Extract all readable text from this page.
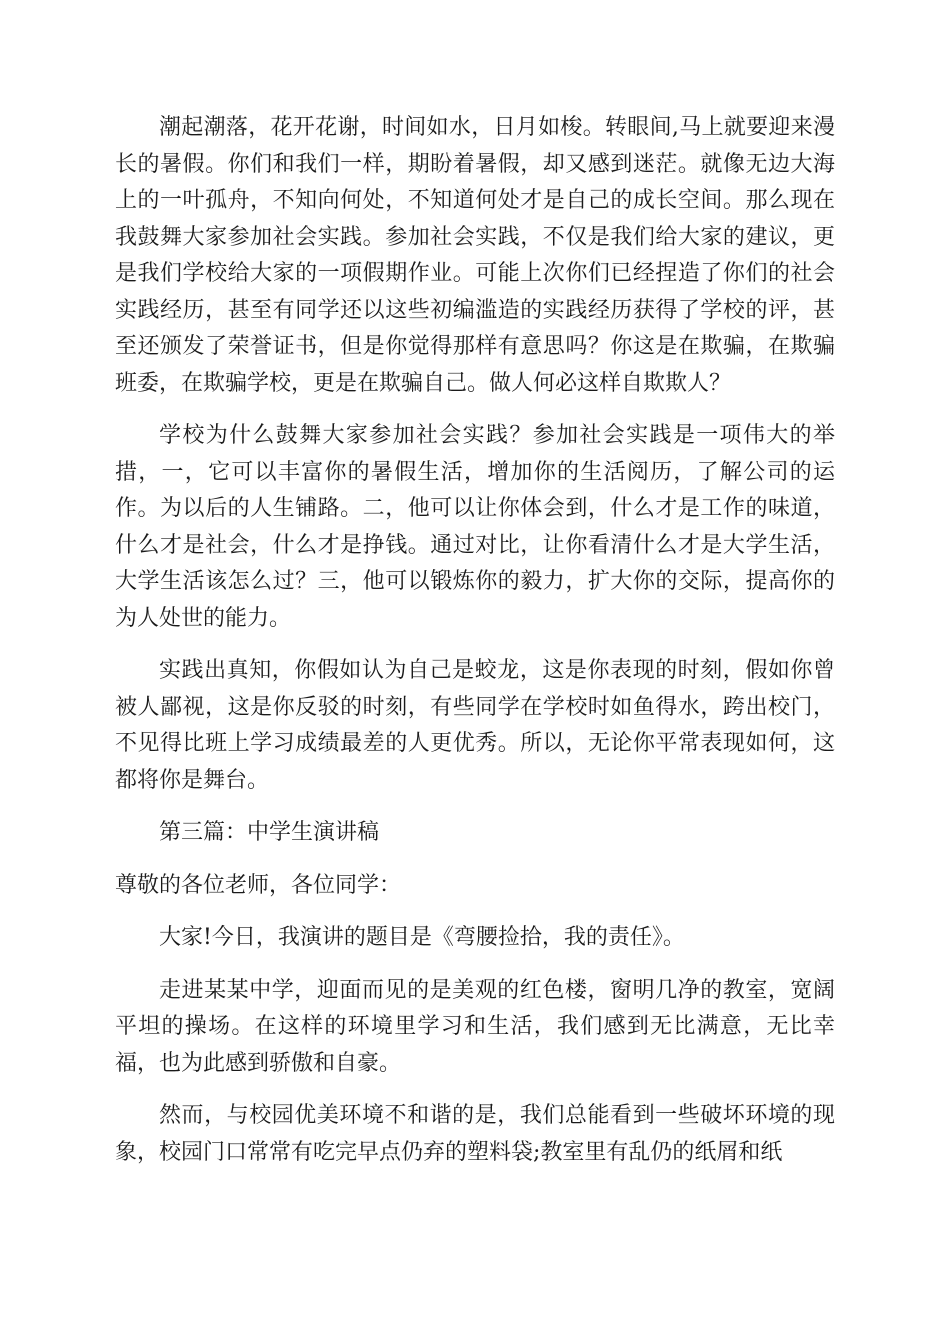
潮起潮落，花开花谢，时间如水，日月如梭。转眼间,马上就要迎来漫长的暑假。你们和我们一样，期盼着暑假，却又感到迷茫。就像无边大海上的一叶孤舟，不知向何处，不知道何处才是自己的成长空间。那么现在我鼓舞大家参加社会实践。参加社会实践，不仅是我们给大家的建议，更是我们学校给大家的一项假期作业。可能上次你们已经捏造了你们的社会实践经历，甚至有同学还以这些初编滥造的实践经历获得了学校的评，甚至还颁发了荣誉证书，但是你觉得那样有意思吗？你这是在欺骗，在欺骗班委，在欺骗学校，更是在欺骗自己。做人何必这样自欺欺人？

学校为什么鼓舞大家参加社会实践？参加社会实践是一项伟大的举措，一，它可以丰富你的暑假生活，增加你的生活阅历，了解公司的运作。为以后的人生铺路。二，他可以让你体会到，什么才是工作的味道，什么才是社会，什么才是挣钱。通过对比，让你看清什么才是大学生活，大学生活该怎么过？三，他可以锻炼你的毅力，扩大你的交际，提高你的为人处世的能力。

实践出真知，你假如认为自己是蛟龙，这是你表现的时刻，假如你曾被人鄙视，这是你反驳的时刻，有些同学在学校时如鱼得水，跨出校门，不见得比班上学习成绩最差的人更优秀。所以，无论你平常表现如何，这都将你是舞台。

第三篇：中学生演讲稿

尊敬的各位老师，各位同学：

大家!今日，我演讲的题目是《弯腰捡拾，我的责任》。

走进某某中学，迎面而见的是美观的红色楼，窗明几净的教室，宽阔平坦的操场。在这样的环境里学习和生活，我们感到无比满意，无比幸福，也为此感到骄傲和自豪。

然而，与校园优美环境不和谐的是，我们总能看到一些破坏环境的现象，校园门口常常有吃完早点仍弃的塑料袋;教室里有乱仍的纸屑和纸
